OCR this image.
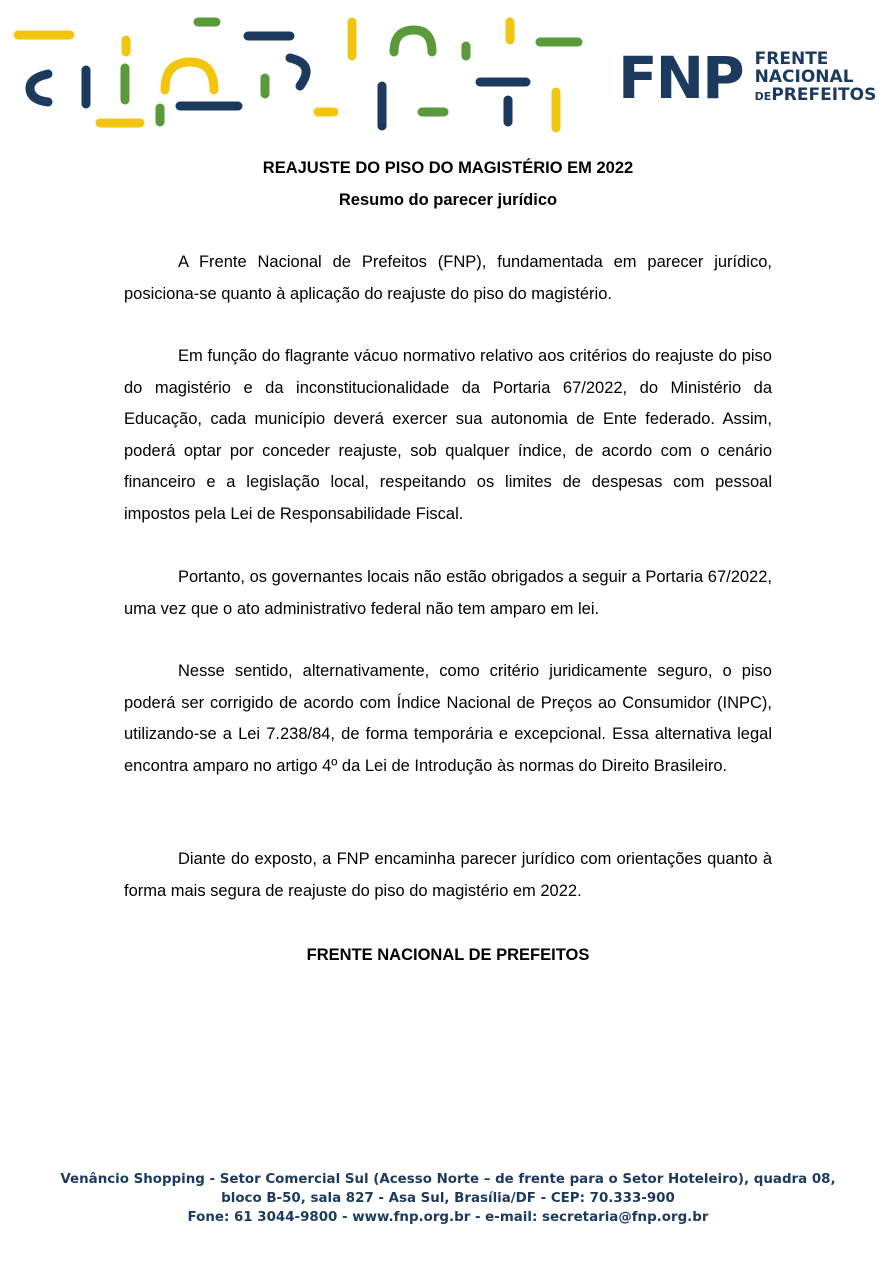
FNP FRENTE
NACIONAL
DEPREFEITOS

REAJUSTE DO PISO DO MAGISTÉRIO EM 2022

Resumo do parecer jurídico

A Frente Nacional de Prefeitos (FNP), fundamentada em parecer jurídico, posiciona-se quanto à aplicação do reajuste do piso do magistério.

Em função do flagrante vácuo normativo relativo aos critérios do reajuste do piso do magistério e da inconstitucionalidade da Portaria 67/2022, do Ministério da Educação, cada município deverá exercer sua autonomia de Ente federado. Assim, poderá optar por conceder reajuste, sob qualquer índice, de acordo com o cenário financeiro e a legislação local, respeitando os limites de despesas com pessoal impostos pela Lei de Responsabilidade Fiscal.

Portanto, os governantes locais não estão obrigados a seguir a Portaria 67/2022, uma vez que o ato administrativo federal não tem amparo em lei.

Nesse sentido, alternativamente, como critério juridicamente seguro, o piso poderá ser corrigido de acordo com Índice Nacional de Preços ao Consumidor (INPC), utilizando-se a Lei 7.238/84, de forma temporária e excepcional. Essa alternativa legal encontra amparo no artigo 4º da Lei de Introdução às normas do Direito Brasileiro.

Diante do exposto, a FNP encaminha parecer jurídico com orientações quanto à forma mais segura de reajuste do piso do magistério em 2022.

FRENTE NACIONAL DE PREFEITOS

Venâncio Shopping - Setor Comercial Sul (Acesso Norte – de frente para o Setor Hoteleiro), quadra 08,
bloco B-50, sala 827 - Asa Sul, Brasília/DF - CEP: 70.333-900
Fone: 61 3044-9800 - www.fnp.org.br - e-mail: secretaria@fnp.org.br
